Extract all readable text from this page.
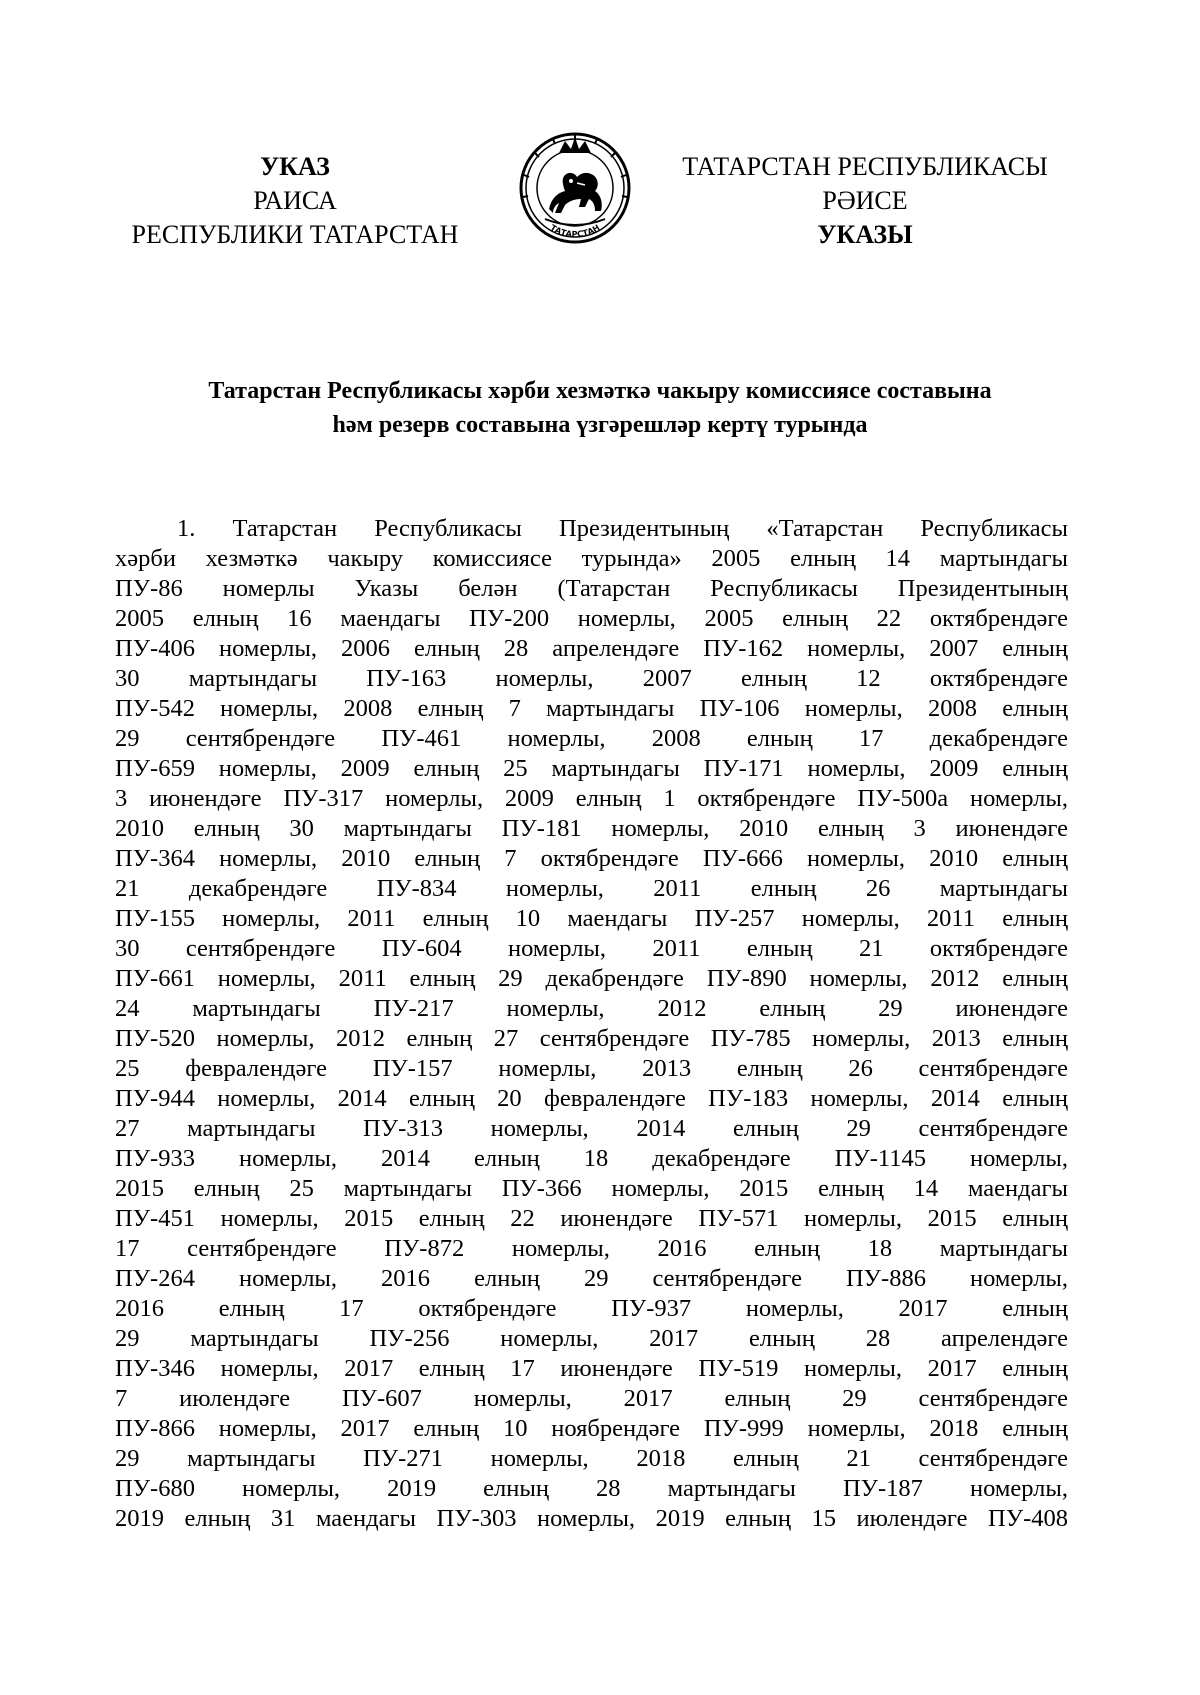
УКАЗ
РАИСА
РЕСПУБЛИКИ ТАТАРСТАН
ТАТАРСТАН РЕСПУБЛИКАСЫ
РӘИСЕ
УКАЗЫ
ТАТАРСТАН
Татарстан Республикасы хәрби хезмәткә чакыру комиссиясе составына
һәм резерв составына үзгәрешләр кертү турында
1. Татарстан Республикасы Президентының «Татарстан Республикасы
хәрби хезмәткә чакыру комиссиясе турында» 2005 елның 14 мартындагы
ПУ-86 номерлы Указы белән (Татарстан Республикасы Президентының
2005 елның 16 маендагы ПУ-200 номерлы, 2005 елның 22 октябрендәге
ПУ-406 номерлы, 2006 елның 28 апрелендәге ПУ-162 номерлы, 2007 елның
30 мартындагы ПУ-163 номерлы, 2007 елның 12 октябрендәге
ПУ-542 номерлы, 2008 елның 7 мартындагы ПУ-106 номерлы, 2008 елның
29 сентябрендәге ПУ-461 номерлы, 2008 елның 17 декабрендәге
ПУ-659 номерлы, 2009 елның 25 мартындагы ПУ-171 номерлы, 2009 елның
3 июнендәге ПУ-317 номерлы, 2009 елның 1 октябрендәге ПУ-500а номерлы,
2010 елның 30 мартындагы ПУ-181 номерлы, 2010 елның 3 июнендәге
ПУ-364 номерлы, 2010 елның 7 октябрендәге ПУ-666 номерлы, 2010 елның
21 декабрендәге ПУ-834 номерлы, 2011 елның 26 мартындагы
ПУ-155 номерлы, 2011 елның 10 маендагы ПУ-257 номерлы, 2011 елның
30 сентябрендәге ПУ-604 номерлы, 2011 елның 21 октябрендәге
ПУ-661 номерлы, 2011 елның 29 декабрендәге ПУ-890 номерлы, 2012 елның
24 мартындагы ПУ-217 номерлы, 2012 елның 29 июнендәге
ПУ-520 номерлы, 2012 елның 27 сентябрендәге ПУ-785 номерлы, 2013 елның
25 февралендәге ПУ-157 номерлы, 2013 елның 26 сентябрендәге
ПУ-944 номерлы, 2014 елның 20 февралендәге ПУ-183 номерлы, 2014 елның
27 мартындагы ПУ-313 номерлы, 2014 елның 29 сентябрендәге
ПУ-933 номерлы, 2014 елның 18 декабрендәге ПУ-1145 номерлы,
2015 елның 25 мартындагы ПУ-366 номерлы, 2015 елның 14 маендагы
ПУ-451 номерлы, 2015 елның 22 июнендәге ПУ-571 номерлы, 2015 елның
17 сентябрендәге ПУ-872 номерлы, 2016 елның 18 мартындагы
ПУ-264 номерлы, 2016 елның 29 сентябрендәге ПУ-886 номерлы,
2016 елның 17 октябрендәге ПУ-937 номерлы, 2017 елның
29 мартындагы ПУ-256 номерлы, 2017 елның 28 апрелендәге
ПУ-346 номерлы, 2017 елның 17 июнендәге ПУ-519 номерлы, 2017 елның
7 июлендәге ПУ-607 номерлы, 2017 елның 29 сентябрендәге
ПУ-866 номерлы, 2017 елның 10 ноябрендәге ПУ-999 номерлы, 2018 елның
29 мартындагы ПУ-271 номерлы, 2018 елның 21 сентябрендәге
ПУ-680 номерлы, 2019 елның 28 мартындагы ПУ-187 номерлы,
2019 елның 31 маендагы ПУ-303 номерлы, 2019 елның 15 июлендәге ПУ-408
